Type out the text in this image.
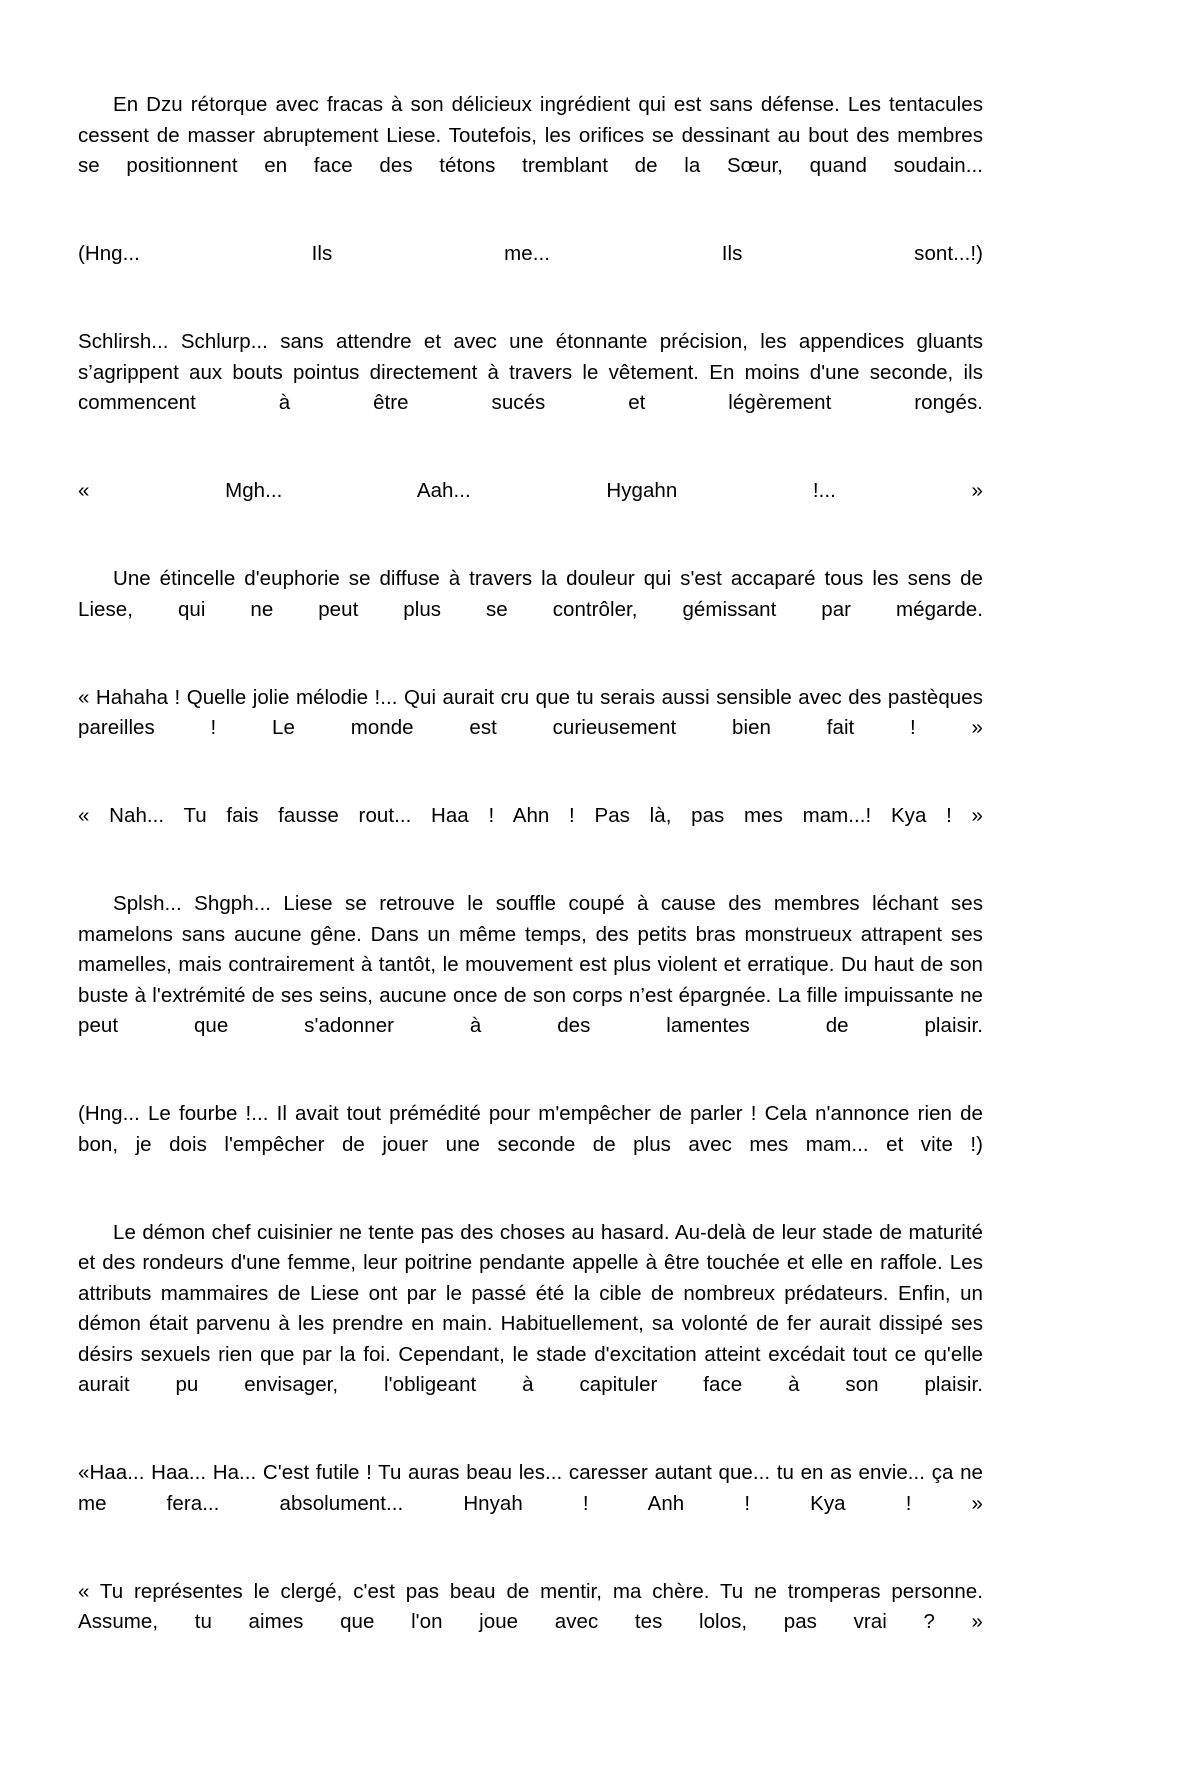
En Dzu rétorque avec fracas à son délicieux ingrédient qui est sans défense. Les tentacules cessent de masser abruptement Liese. Toutefois, les orifices se dessinant au bout des membres se positionnent en face des tétons tremblant de la Sœur, quand soudain...

(Hng... Ils me... Ils sont...!)

Schlirsh... Schlurp... sans attendre et avec une étonnante précision, les appendices gluants s’agrippent aux bouts pointus directement à travers le vêtement. En moins d'une seconde, ils commencent à être sucés et légèrement rongés.

« Mgh... Aah... Hygahn !... »

Une étincelle d'euphorie se diffuse à travers la douleur qui s'est accaparé tous les sens de Liese, qui ne peut plus se contrôler, gémissant par mégarde.

« Hahaha ! Quelle jolie mélodie !... Qui aurait cru que tu serais aussi sensible avec des pastèques pareilles ! Le monde est curieusement bien fait ! »

« Nah... Tu fais fausse rout... Haa ! Ahn ! Pas là, pas mes mam...! Kya ! »

Splsh... Shgph... Liese se retrouve le souffle coupé à cause des membres léchant ses mamelons sans aucune gêne. Dans un même temps, des petits bras monstrueux attrapent ses mamelles, mais contrairement à tantôt, le mouvement est plus violent et erratique. Du haut de son buste à l'extrémité de ses seins, aucune once de son corps n’est épargnée. La fille impuissante ne peut que s'adonner à des lamentes de plaisir.

(Hng... Le fourbe !... Il avait tout prémédité pour m'empêcher de parler ! Cela n'annonce rien de bon, je dois l'empêcher de jouer une seconde de plus avec mes mam... et vite !)

Le démon chef cuisinier ne tente pas des choses au hasard. Au-delà de leur stade de maturité et des rondeurs d'une femme, leur poitrine pendante appelle à être touchée et elle en raffole. Les attributs mammaires de Liese ont par le passé été la cible de nombreux prédateurs. Enfin, un démon était parvenu à les prendre en main. Habituellement, sa volonté de fer aurait dissipé ses désirs sexuels rien que par la foi. Cependant, le stade d'excitation atteint excédait tout ce qu'elle aurait pu envisager, l'obligeant à capituler face à son plaisir.

«Haa... Haa... Ha... C'est futile ! Tu auras beau les... caresser autant que... tu en as envie... ça ne me fera... absolument... Hnyah ! Anh ! Kya ! »

« Tu représentes le clergé, c'est pas beau de mentir, ma chère. Tu ne tromperas personne. Assume, tu aimes que l'on joue avec tes lolos, pas vrai ? »
